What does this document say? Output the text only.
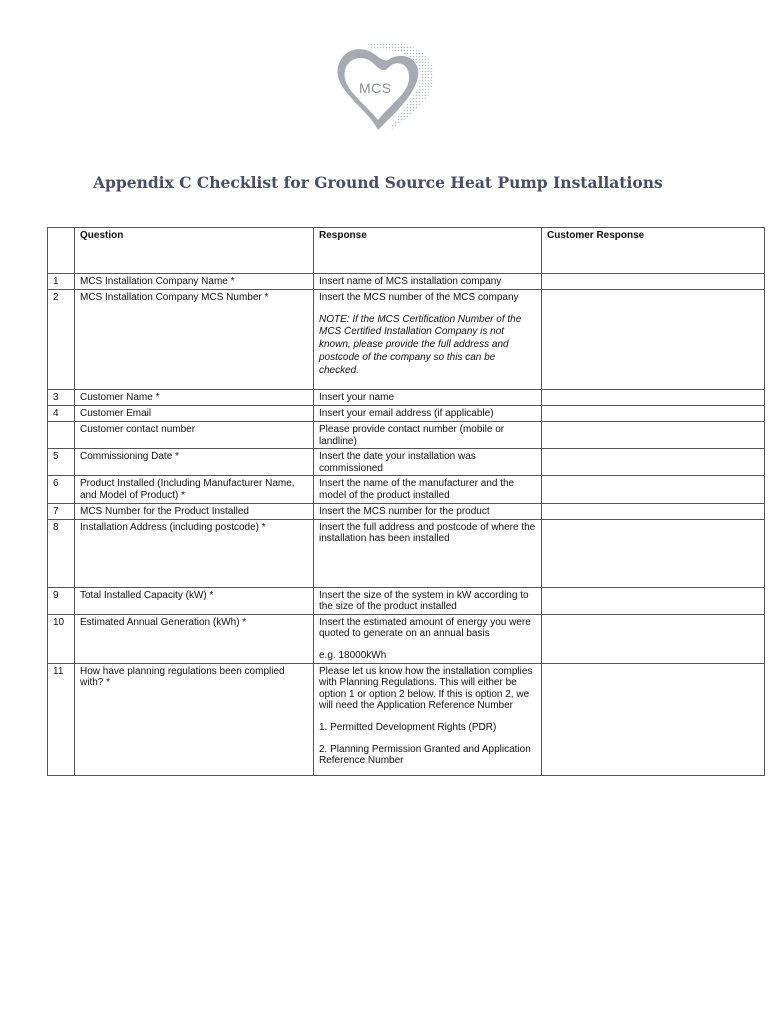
MCS
Appendix C Checklist for Ground Source Heat Pump Installations
	Question	Response	Customer Response
1	MCS Installation Company Name *	Insert name of MCS installation company	
2	MCS Installation Company MCS Number *	Insert the MCS number of the MCS company
NOTE: If the MCS Certification Number of the MCS Certified Installation Company is not known, please provide the full address and postcode of the company so this can be checked.	

3	Customer Name *	Insert your name	
4	Customer Email	Insert your email address (if applicable)	
	Customer contact number	Please provide contact number (mobile or landline)	
5	Commissioning Date *	Insert the date your installation was commissioned	
6	Product Installed (Including Manufacturer Name, and Model of Product) *	Insert the name of the manufacturer and the model of the product installed	
7	MCS Number for the Product Installed	Insert the MCS number for the product	
8	Installation Address (including postcode) *	Insert the full address and postcode of where the installation has been installed	
9	Total Installed Capacity (kW) *	Insert the size of the system in kW according to the size of the product installed	
10	Estimated Annual Generation (kWh) *	Insert the estimated amount of energy you were quoted to generate on an annual basis
e.g. 18000kWh	

11	How have planning regulations been complied with? *	Please let us know how the installation complies with Planning Regulations. This will either be option 1 or option 2 below. If this is option 2, we will need the Application Reference Number
1. Permitted Development Rights (PDR)
2. Planning Permission Granted and Application Reference Number	
